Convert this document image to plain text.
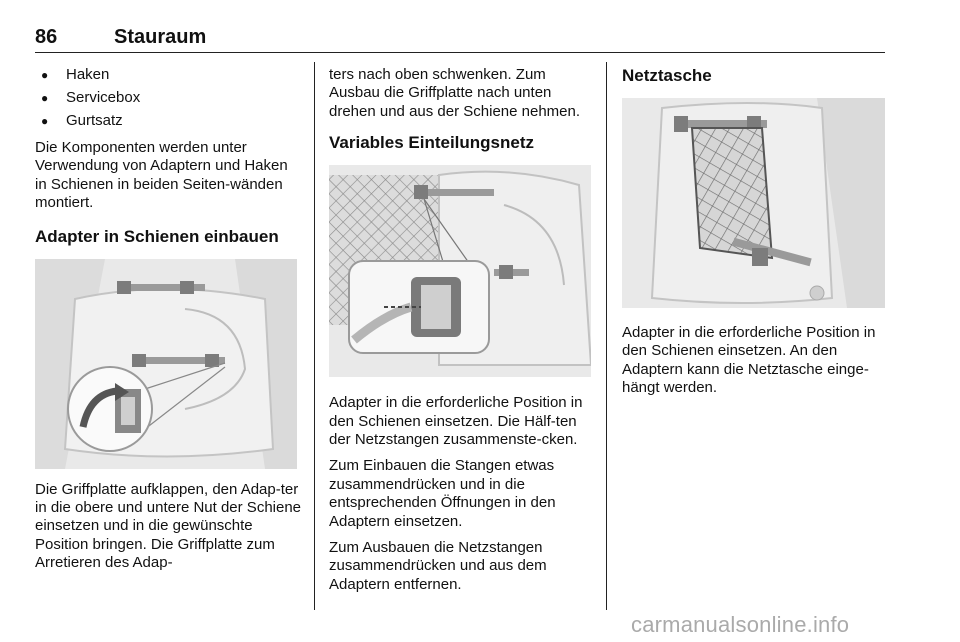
86	Stauraum
● Haken
● Servicebox
● Gurtsatz

Die Komponenten werden unter Verwendung von Adaptern und Haken in Schienen in beiden Seiten-wänden montiert.

Adapter in Schienen einbauen

Die Griffplatte aufklappen, den Adap-ter in die obere und untere Nut der Schiene einsetzen und in die gewünschte Position bringen. Die Griffplatte zum Arretieren des Adap-

ters nach oben schwenken. Zum Ausbau die Griffplatte nach unten drehen und aus der Schiene nehmen.

Variables Einteilungsnetz

Adapter in die erforderliche Position in den Schienen einsetzen. Die Hälf-ten der Netzstangen zusammenste-cken.

Zum Einbauen die Stangen etwas zusammendrücken und in die entsprechenden Öffnungen in den Adaptern einsetzen.

Zum Ausbauen die Netzstangen zusammendrücken und aus dem Adaptern entfernen.

Netztasche

Adapter in die erforderliche Position in den Schienen einsetzen. An den Adaptern kann die Netztasche einge-hängt werden.

carmanualsonline.info
